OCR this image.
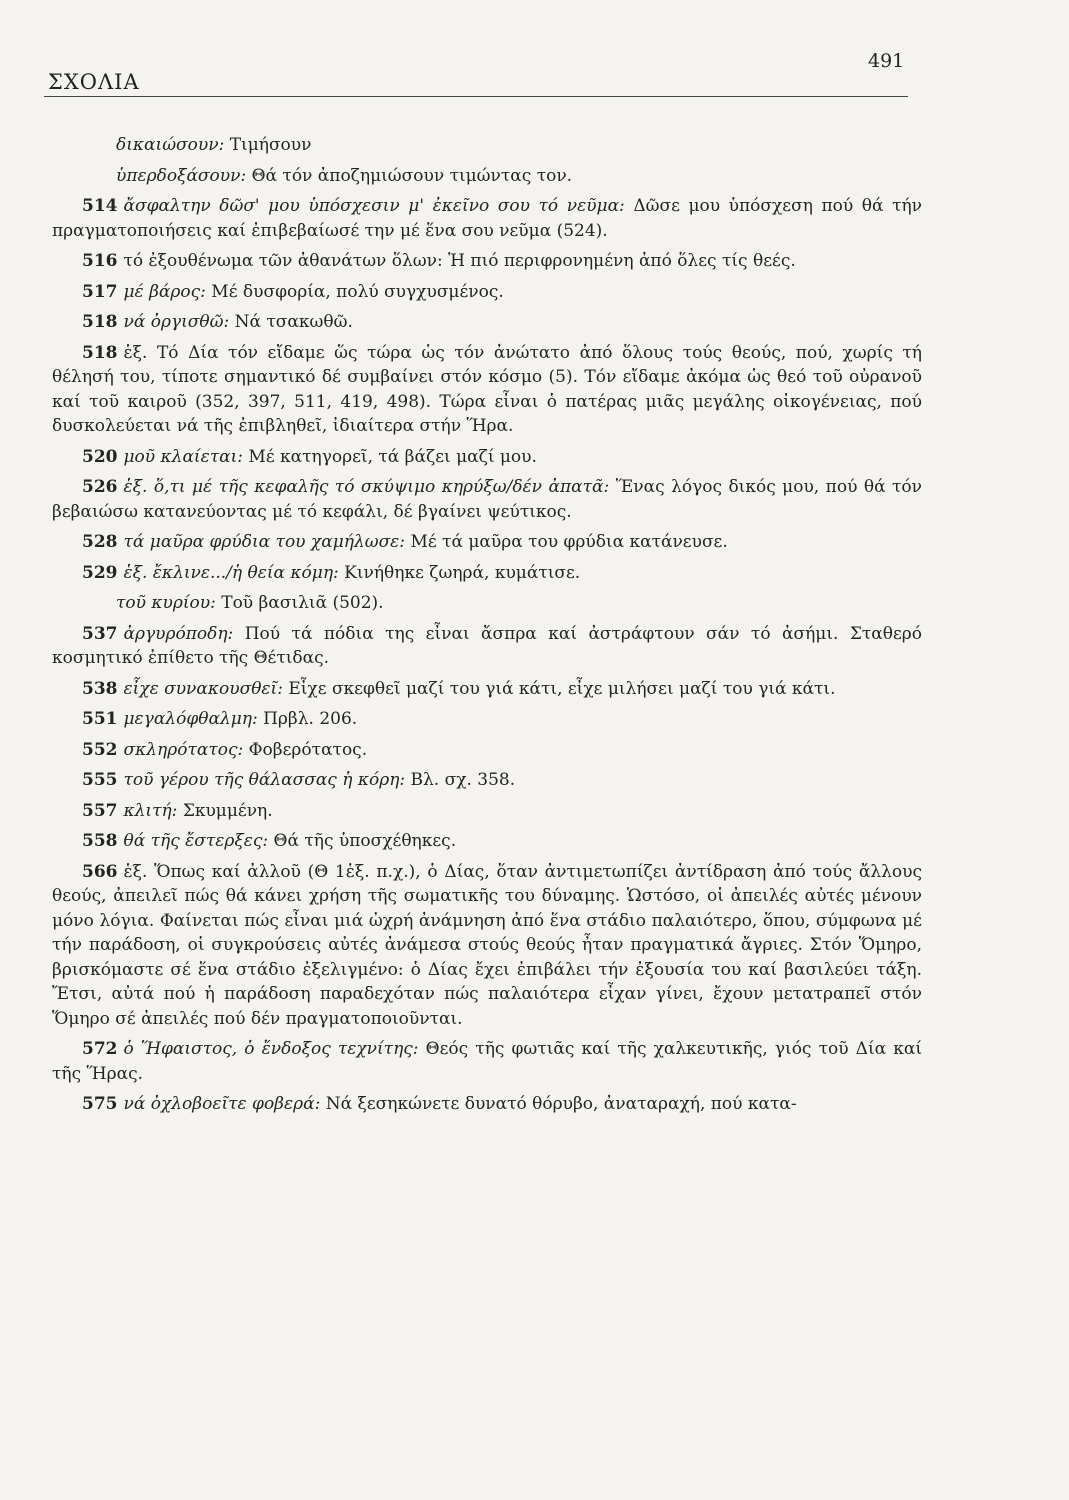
ΣΧΟΛΙΑ
491

δικαιώσουν: Τιμήσουν

ὑπερδοξάσουν: Θά τόν ἀποζημιώσουν τιμώντας τον.

514 ἄσφαλτην δῶσ' μου ὑπόσχεσιν μ' ἐκεῖνο σου τό νεῦμα: Δῶσε μου ὑπόσχεση πού θά τήν πραγματοποιήσεις καί ἐπιβεβαίωσέ την μέ ἕνα σου νεῦμα (524).

516 τό ἐξουθένωμα τῶν ἀθανάτων ὅλων: Ἡ πιό περιφρονημένη ἀπό ὅλες τίς θεές.

517 μέ βάρος: Μέ δυσφορία, πολύ συγχυσμένος.

518 νά ὀργισθῶ: Νά τσακωθῶ.

518 ἑξ. Τό Δία τόν εἴδαμε ὥς τώρα ὡς τόν ἀνώτατο ἀπό ὅλους τούς θεούς, πού, χωρίς τή θέλησή του, τίποτε σημαντικό δέ συμβαίνει στόν κόσμο (5). Τόν εἴδαμε ἀκόμα ὡς θεό τοῦ οὐρανοῦ καί τοῦ καιροῦ (352, 397, 511, 419, 498). Τώρα εἶναι ὁ πατέρας μιᾶς μεγάλης οἰκογένειας, πού δυσκολεύεται νά τῆς ἐπιβληθεῖ, ἰδιαίτερα στήν Ἥρα.

520 μοῦ κλαίεται: Μέ κατηγορεῖ, τά βάζει μαζί μου.

526 ἑξ. ὅ,τι μέ τῆς κεφαλῆς τό σκύψιμο κηρύξω/δέν ἀπατᾶ: Ἕνας λόγος δικός μου, πού θά τόν βεβαιώσω κατανεύοντας μέ τό κεφάλι, δέ βγαίνει ψεύτικος.

528 τά μαῦρα φρύδια του χαμήλωσε: Μέ τά μαῦρα του φρύδια κατάνευσε.

529 ἑξ. ἔκλινε.../ἡ θεία κόμη: Κινήθηκε ζωηρά, κυμάτισε.

τοῦ κυρίου: Τοῦ βασιλιᾶ (502).

537 ἀργυρόποδη: Πού τά πόδια της εἶναι ἄσπρα καί ἀστράφτουν σάν τό ἀσήμι. Σταθερό κοσμητικό ἐπίθετο τῆς Θέτιδας.

538 εἶχε συνακουσθεῖ: Εἶχε σκεφθεῖ μαζί του γιά κάτι, εἶχε μιλήσει μαζί του γιά κάτι.

551 μεγαλόφθαλμη: Πρβλ. 206.

552 σκληρότατος: Φοβερότατος.

555 τοῦ γέρου τῆς θάλασσας ἡ κόρη: Βλ. σχ. 358.

557 κλιτή: Σκυμμένη.

558 θά τῆς ἔστερξες: Θά τῆς ὑποσχέθηκες.

566 ἑξ. Ὅπως καί ἀλλοῦ (Θ 1ἑξ. π.χ.), ὁ Δίας, ὅταν ἀντιμετωπίζει ἀντίδραση ἀπό τούς ἄλλους θεούς, ἀπειλεῖ πώς θά κάνει χρήση τῆς σωματικῆς του δύναμης. Ὡστόσο, οἱ ἀπειλές αὐτές μένουν μόνο λόγια. Φαίνεται πώς εἶναι μιά ὠχρή ἀνάμνηση ἀπό ἕνα στάδιο παλαιότερο, ὅπου, σύμφωνα μέ τήν παράδοση, οἱ συγκρούσεις αὐτές ἀνάμεσα στούς θεούς ἦταν πραγματικά ἄγριες. Στόν Ὅμηρο, βρισκόμαστε σέ ἕνα στάδιο ἐξελιγμένο: ὁ Δίας ἔχει ἐπιβάλει τήν ἐξουσία του καί βασιλεύει τάξη. Ἔτσι, αὐτά πού ἡ παράδοση παραδεχόταν πώς παλαιότερα εἶχαν γίνει, ἔχουν μετατραπεῖ στόν Ὅμηρο σέ ἀπειλές πού δέν πραγματοποιοῦνται.

572 ὁ Ἥφαιστος, ὁ ἔνδοξος τεχνίτης: Θεός τῆς φωτιᾶς καί τῆς χαλκευτικῆς, γιός τοῦ Δία καί τῆς Ἥρας.

575 νά ὀχλοβοεῖτε φοβερά: Νά ξεσηκώνετε δυνατό θόρυβο, ἀναταραχή, πού κατα-
